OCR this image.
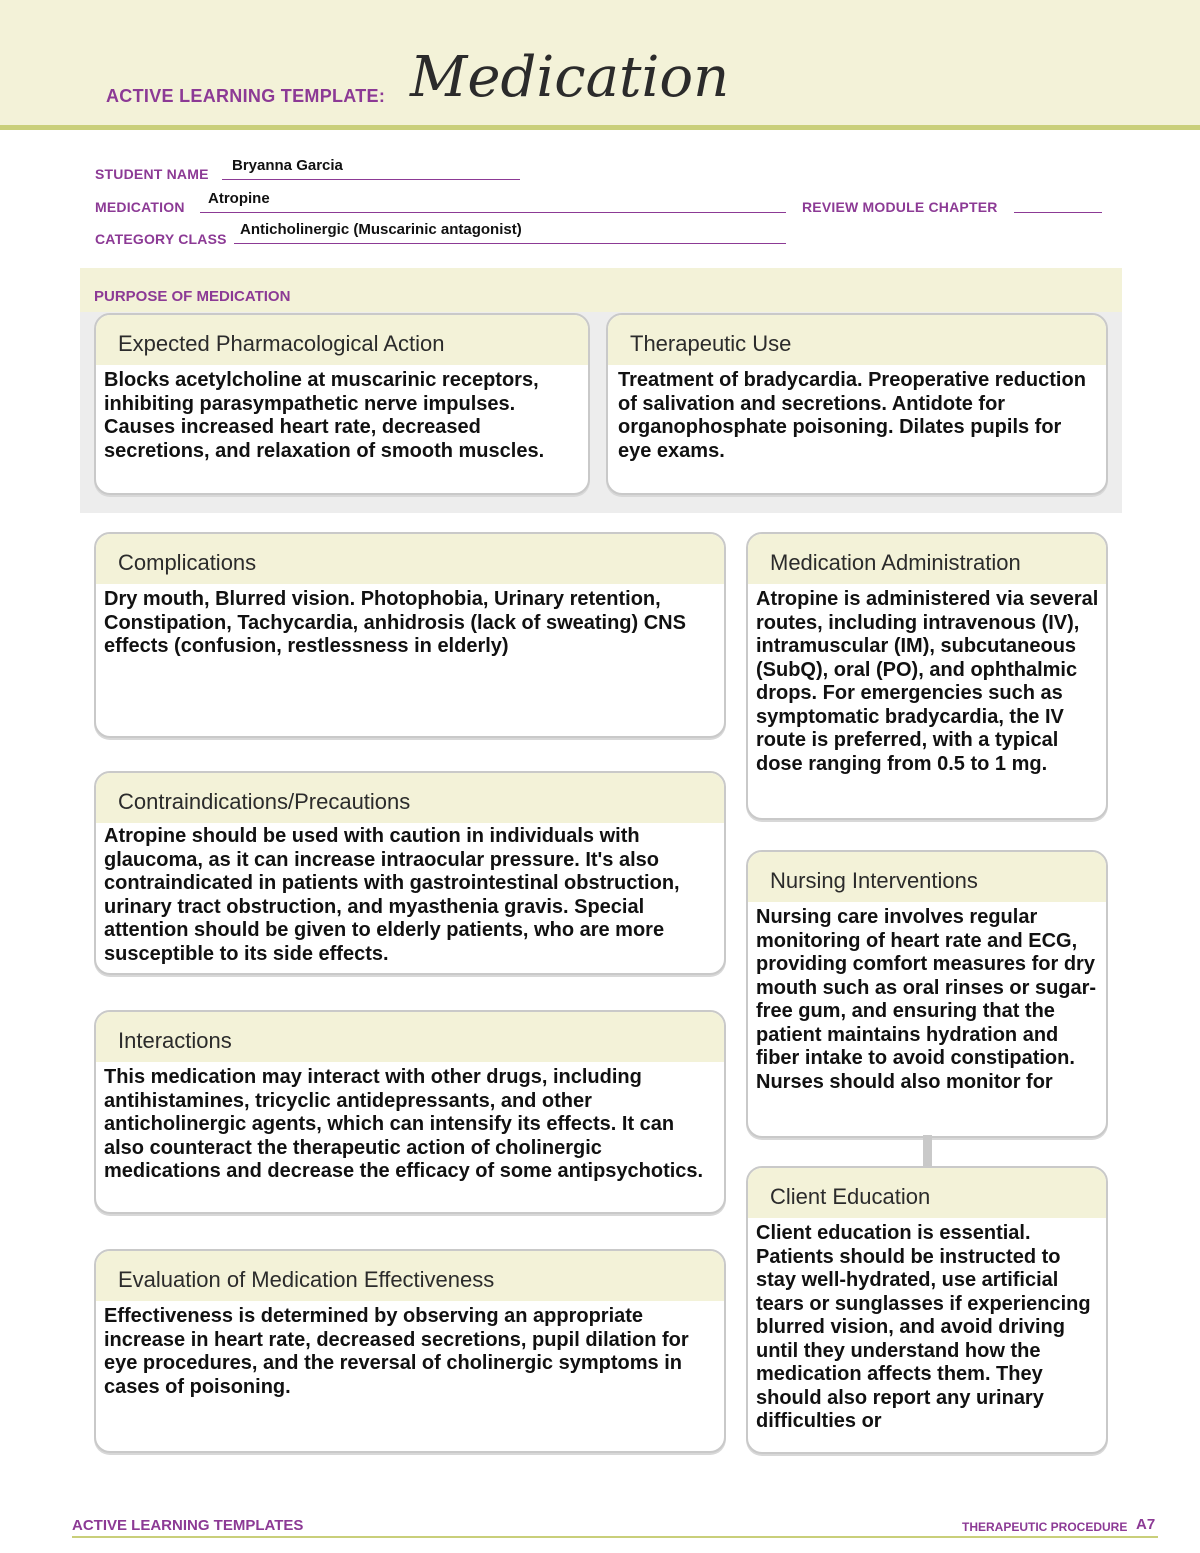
ACTIVE LEARNING TEMPLATE: Medication
STUDENT NAME Bryanna Garcia
MEDICATION Atropine	REVIEW MODULE CHAPTER
CATEGORY CLASS
Anticholinergic (Muscarinic antagonist)
PURPOSE OF MEDICATION
Expected Pharmacological Action
Blocks acetylcholine at muscarinic receptors, inhibiting parasympathetic nerve impulses. Causes increased heart rate, decreased secretions, and relaxation of smooth muscles.
Therapeutic Use
Treatment of bradycardia. Preoperative reduction of salivation and secretions. Antidote for organophosphate poisoning. Dilates pupils for eye exams.
Complications
Dry mouth, Blurred vision. Photophobia, Urinary retention, Constipation, Tachycardia, anhidrosis (lack of sweating) CNS effects (confusion, restlessness in elderly)
Medication Administration
Atropine is administered via several routes, including intravenous (IV), intramuscular (IM), subcutaneous (SubQ), oral (PO), and ophthalmic drops. For emergencies such as symptomatic bradycardia, the IV route is preferred, with a typical dose ranging from 0.5 to 1 mg.
Contraindications/Precautions
Atropine should be used with caution in individuals with glaucoma, as it can increase intraocular pressure. It's also contraindicated in patients with gastrointestinal obstruction, urinary tract obstruction, and myasthenia gravis. Special attention should be given to elderly patients, who are more susceptible to its side effects.
Nursing Interventions
Nursing care involves regular monitoring of heart rate and ECG, providing comfort measures for dry mouth such as oral rinses or sugar-free gum, and ensuring that the patient maintains hydration and fiber intake to avoid constipation. Nurses should also monitor for
Interactions
This medication may interact with other drugs, including antihistamines, tricyclic antidepressants, and other anticholinergic agents, which can intensify its effects. It can also counteract the therapeutic action of cholinergic medications and decrease the efficacy of some antipsychotics.
Client Education
Client education is essential. Patients should be instructed to stay well-hydrated, use artificial tears or sunglasses if experiencing blurred vision, and avoid driving until they understand how the medication affects them. They should also report any urinary difficulties or
Evaluation of Medication Effectiveness
Effectiveness is determined by observing an appropriate increase in heart rate, decreased secretions, pupil dilation for eye procedures, and the reversal of cholinergic symptoms in cases of poisoning.
ACTIVE LEARNING TEMPLATES	THERAPEUTIC PROCEDURE A7
